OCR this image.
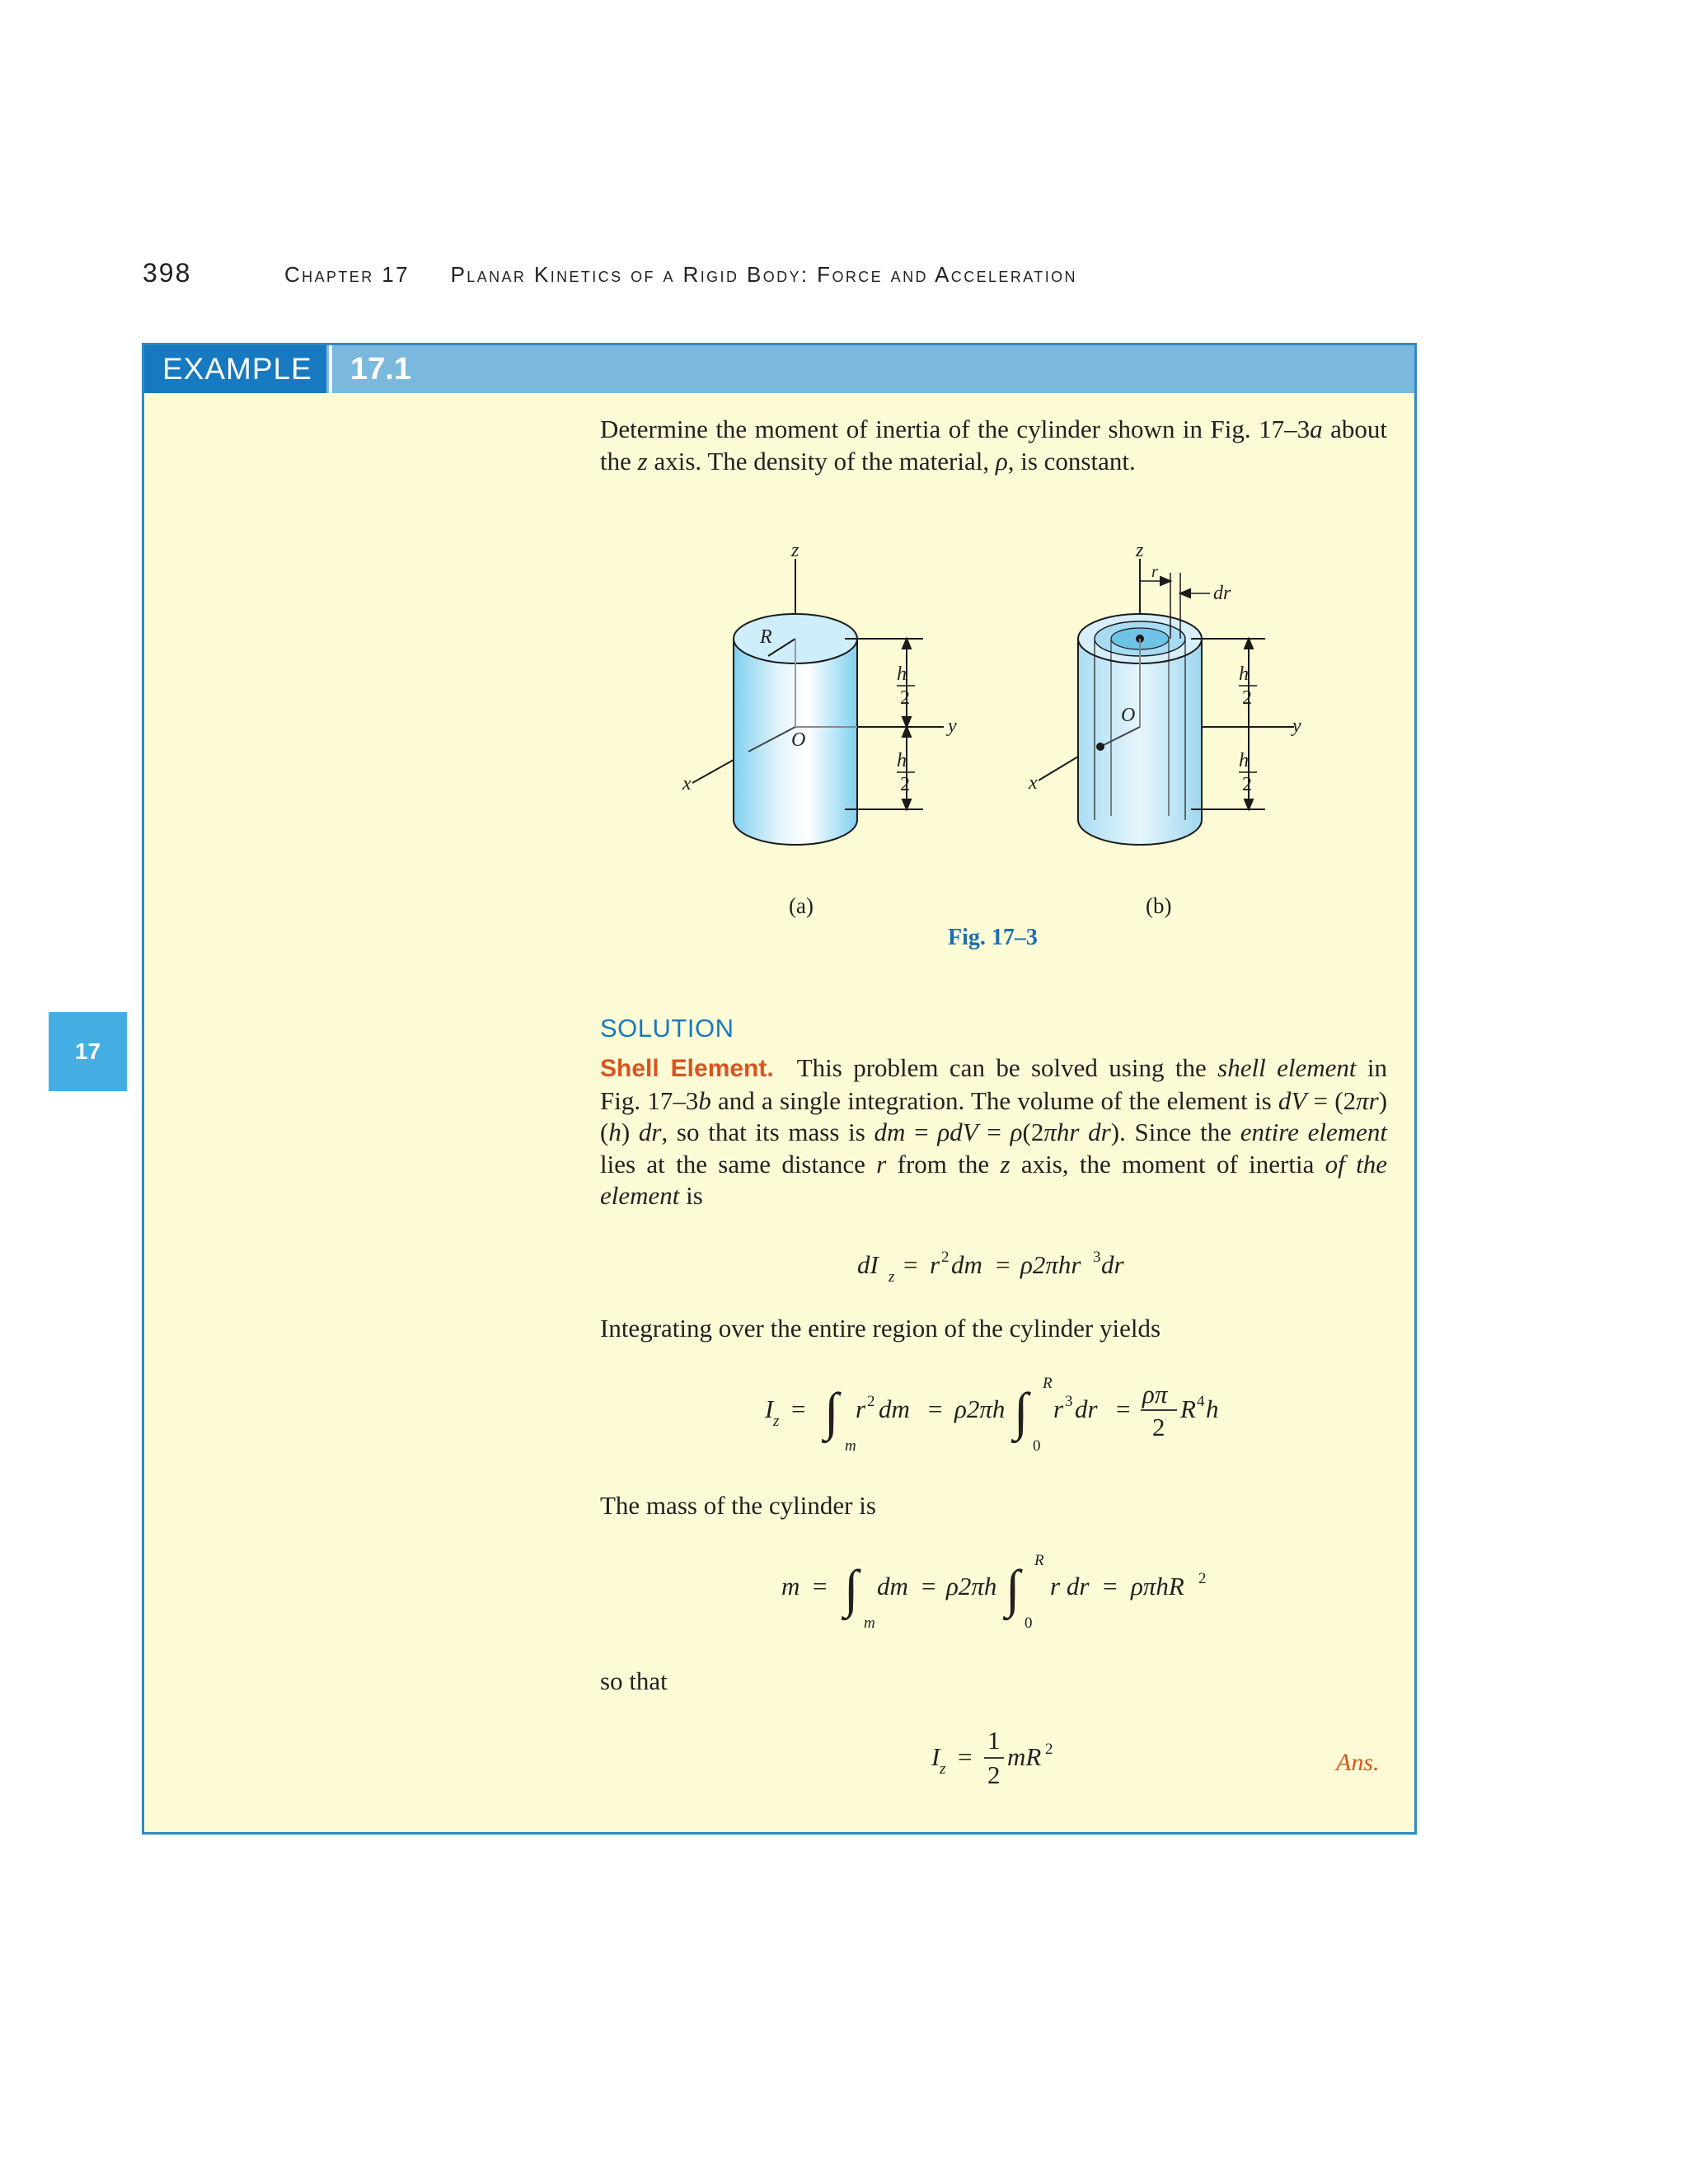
398	Chapter 17 Planar Kinetics of a Rigid Body: Force and Acceleration
17
EXAMPLE	17.1
Determine the moment of inertia of the cylinder shown in Fig. 17–3a about the z axis. The density of the material, ρ, is constant.
z
R
O
y
x
h
2
h
2
z
r
dr
O	y
x
h
2
h
2
(a)	(b)
Fig. 17–3
SOLUTION
Shell Element. This problem can be solved using the shell element in Fig. 17–3b and a single integration. The volume of the element is dV = (2πr)(h) dr, so that its mass is dm = ρdV = ρ(2πhr dr). Since the entire element lies at the same distance r from the z axis, the moment of inertia of the element is
dI z = r 2 dm = ρ2πhr 3 dr
Integrating over the entire region of the cylinder yields
I z = ∫
m
r 2 dm = ρ2πh ∫ R
0
r 3 dr =
ρπ
2
R 4 h
The mass of the cylinder is
m = ∫
m
dm = ρ2πh ∫ R
0
r dr = ρπhR 2
so that
I z =
1
2
mR 2	Ans.
